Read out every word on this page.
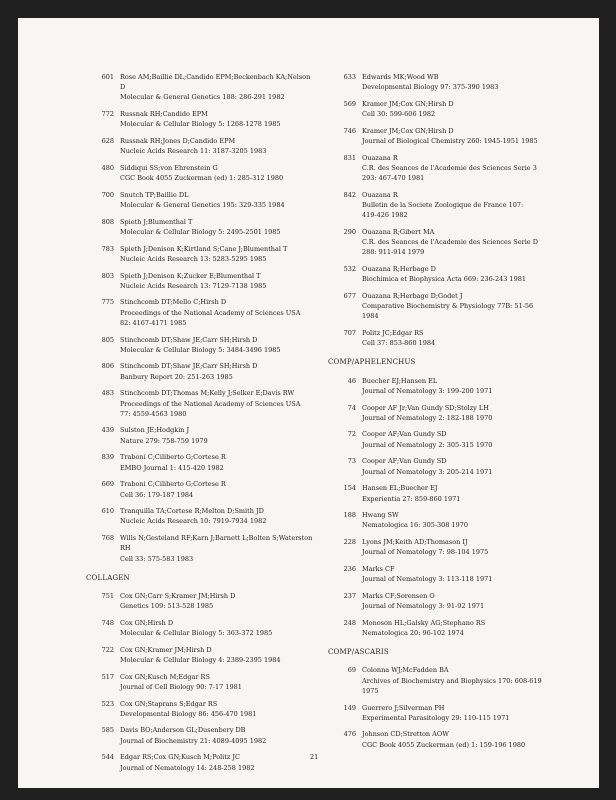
601 Rose AM;Baillie DL;Candido EPM;Beckenbach KA;Nelson
D
Molecular & General Genetics 188: 286-291 1982
772 Russnak RH;Candido EPM
Molecular & Cellular Biology 5: 1268-1278 1985
628 Russnak RH;Jones D;Candido EPM
Nucleic Acids Research 11: 3187-3205 1983
480 Siddiqui SS;von Ehrenstein G
CGC Book 4055 Zuckerman (ed) 1: 285-312 1980
700 Snutch TP;Baillie DL
Molecular & General Genetics 195: 329-335 1984
808 Spieth J;Blumenthal T
Molecular & Cellular Biology 5: 2495-2501 1985
783 Spieth J;Denison K;Kirtland S;Cane J;Blumenthal T
Nucleic Acids Research 13: 5283-5295 1985
803 Spieth J;Denison K;Zucker E;Blumenthal T
Nucleic Acids Research 13: 7129-7138 1985
775 Stinchcomb DT;Mello C;Hirsh D
Proceedings of the National Academy of Sciences USA
82: 4167-4171 1985
805 Stinchcomb DT;Shaw JE;Carr SH;Hirsh D
Molecular & Cellular Biology 5: 3484-3496 1985
806 Stinchcomb DT;Shaw JE;Carr SH;Hirsh D
Banbury Report 20: 251-263 1985
483 Stinchcomb DT;Thomas M;Kelly J;Selker E;Davis RW
Proceedings of the National Academy of Sciences USA
77: 4559-4563 1980
439 Sulston JE;Hodgkin J
Nature 279: 758-759 1979
839 Traboni C;Ciliberto G;Cortese R
EMBO Journal 1: 415-420 1982
669 Traboni C;Ciliberto G;Cortese R
Cell 36: 179-187 1984
610 Tranquilla TA;Cortese R;Melton D;Smith JD
Nucleic Acids Research 10: 7919-7934 1982
768 Wills N;Gesteland RF;Karn J;Barnett L;Bolten S;Waterston
RH
Cell 33: 575-583 1983
COLLAGEN
751 Cox GN;Carr S;Kramer JM;Hirsh D
Genetics 109: 513-528 1985
748 Cox GN;Hirsh D
Molecular & Cellular Biology 5: 363-372 1985
722 Cox GN;Kramer JM;Hirsh D
Molecular & Cellular Biology 4: 2389-2395 1984
517 Cox GN;Kusch M;Edgar RS
Journal of Cell Biology 90: 7-17 1981
523 Cox GN;Staprans S;Edgar RS
Developmental Biology 86: 456-470 1981
585 Davis BO;Anderson GL;Dusenbery DB
Journal of Biochemistry 21: 4089-4095 1982
544 Edgar RS;Cox GN;Kusch M;Politz JC
Journal of Nematology 14: 248-258 1982
633 Edwards MK;Wood WB
Developmental Biology 97: 375-390 1983
569 Kramer JM;Cox GN;Hirsh D
Cell 30: 599-606 1982
746 Kramer JM;Cox GN;Hirsh D
Journal of Biological Chemistry 260: 1945-1951 1985
831 Ouazana R
C.R. des Seances de l'Academie des Sciences Serie 3
293: 467-470 1981
842 Ouazana R
Bulletin de la Societe Zoologique de France 107:
419-426 1982
290 Ouazana R;Gibert MA
C.R. des Seances de l'Academie des Sciences Serie D
288: 911-914 1979
532 Ouazana R;Herbage D
Biochimica et Biophysica Acta 669: 236-243 1981
677 Ouazana R;Herbage D;Godet J
Comparative Biochemistry & Physiology 77B: 51-56
1984
707 Politz JC;Edgar RS
Cell 37: 853-860 1984
COMP/APHELENCHUS
46 Buecher EJ;Hansen EL
Journal of Nematology 3: 199-200 1971
74 Cooper AF Jr;Van Gundy SD;Stolzy LH
Journal of Nematology 2: 182-188 1970
72 Cooper AF;Van Gundy SD
Journal of Nematology 2: 305-315 1970
73 Cooper AF;Van Gundy SD
Journal of Nematology 3: 205-214 1971
154 Hansen EL;Buecher EJ
Experientia 27: 859-860 1971
188 Hwang SW
Nematologica 16: 305-308 1970
228 Lyons JM;Keith AD;Thomason IJ
Journal of Nematology 7: 98-104 1975
236 Marks CF
Journal of Nematology 3: 113-118 1971
237 Marks CF;Sorensen O
Journal of Nematology 3: 91-92 1971
248 Monoson HL;Galsky AG;Stephano RS
Nematologica 20: 96-102 1974
COMP/ASCARIS
69 Colonna WJ;McFadden BA
Archives of Biochemistry and Biophysics 170: 608-619
1975
149 Guerrero J;Silverman PH
Experimental Parasitology 29: 110-115 1971
476 Johnson CD;Stretton AOW
CGC Book 4055 Zuckerman (ed) 1: 159-196 1980
21
